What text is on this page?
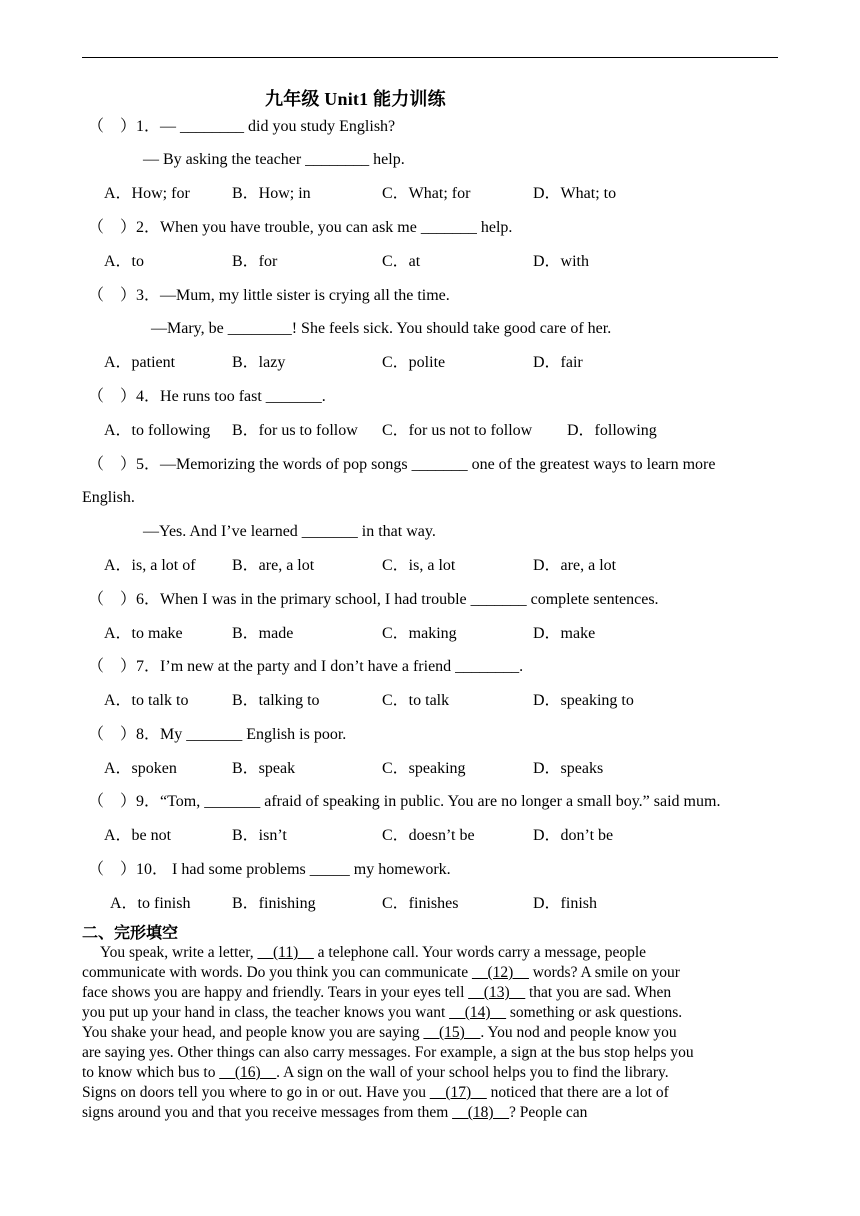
九年级 Unit1 能力训练
（　）1．— ________ did you study English?
— By asking the teacher ________ help.
A．How; for	B．How; in	C．What; for	D．What; to
（　）2．When you have trouble, you can ask me _______ help.
A．to	B．for	C．at	D．with
（　）3．—Mum, my little sister is crying all the time.
—Mary, be ________! She feels sick. You should take good care of her.
A．patient	B．lazy	C．polite	D．fair
（　）4．He runs too fast _______.
A．to following B．for us to follow C．for us not to follow D．following
（　）5．—Memorizing the words of pop songs _______ one of the greatest ways to learn more
English.
—Yes. And I’ve learned _______ in that way.
A．is, a lot of B．are, a lot	C．is, a lot	D．are, a lot
（　）6．When I was in the primary school, I had trouble _______ complete sentences.
A．to make	B．made	C．making	D．make
（　）7．I’m new at the party and I don’t have a friend ________.
A．to talk to	B．talking to	C．to talk	D．speaking to
（　）8．My _______ English is poor.
A．spoken	B．speak	C．speaking	D．speaks
（　）9．“Tom, _______ afraid of speaking in public. You are no longer a small boy.” said mum.
A．be not	B．isn’t	C．doesn’t be	D．don’t be
（　）10． I had some problems _____ my homework.
A．to finish	B．finishing	C．finishes	D．finish
二、完形填空
You speak, write a letter, __(11)__ a telephone call. Your words carry a message, people
communicate with words. Do you think you can communicate __(12)__ words? A smile on your
face shows you are happy and friendly. Tears in your eyes tell __(13)__ that you are sad. When
you put up your hand in class, the teacher knows you want __(14)__ something or ask questions.
You shake your head, and people know you are saying __(15)__. You nod and people know you
are saying yes. Other things can also carry messages. For example, a sign at the bus stop helps you
to know which bus to __(16)__. A sign on the wall of your school helps you to find the library.
Signs on doors tell you where to go in or out. Have you __(17)__ noticed that there are a lot of
signs around you and that you receive messages from them __(18)__? People can
